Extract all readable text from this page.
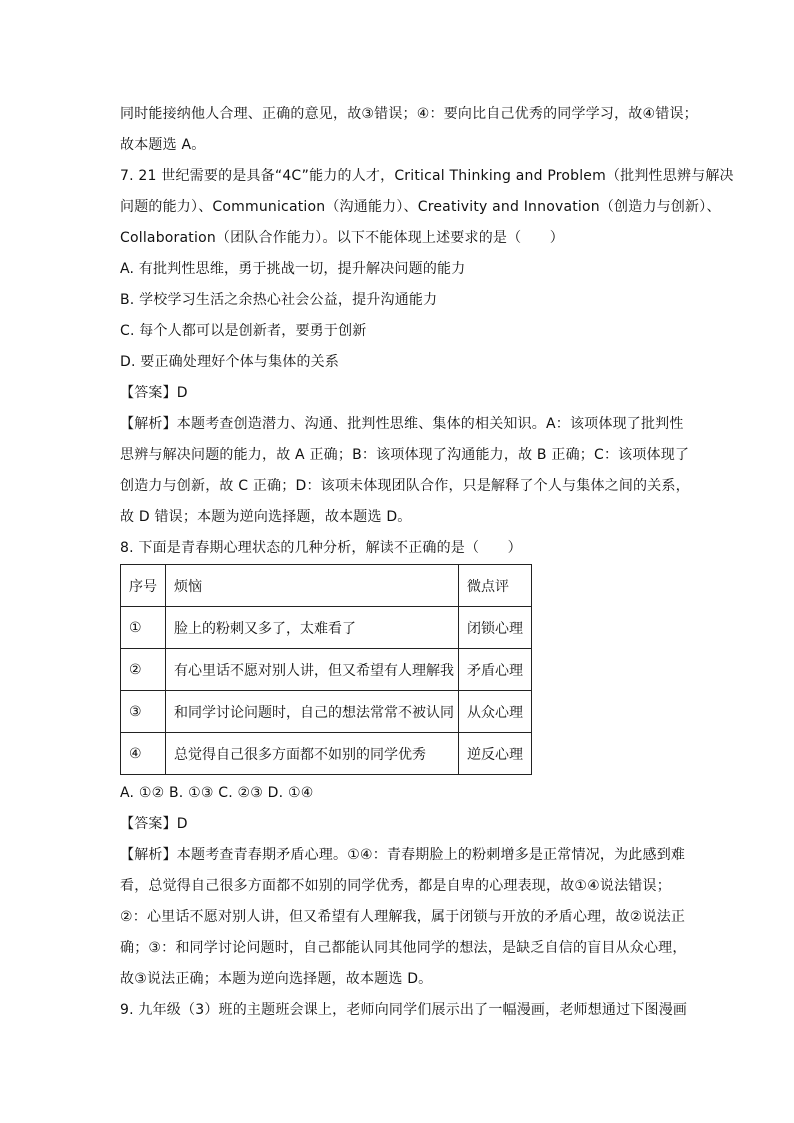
同时能接纳他人合理、正确的意见，故③错误；④：要向比自己优秀的同学学习，故④错误；
故本题选 A。
7. 21 世纪需要的是具备“4C”能力的人才，Critical Thinking and Problem（批判性思辨与解决
问题的能力）、Communication（沟通能力）、Creativity and Innovation（创造力与创新）、
Collaboration（团队合作能力）。以下不能体现上述要求的是（　　）
A. 有批判性思维，勇于挑战一切，提升解决问题的能力
B. 学校学习生活之余热心社会公益，提升沟通能力
C. 每个人都可以是创新者，要勇于创新
D. 要正确处理好个体与集体的关系
【答案】D
【解析】本题考查创造潜力、沟通、批判性思维、集体的相关知识。A：该项体现了批判性
思辨与解决问题的能力，故 A 正确；B：该项体现了沟通能力，故 B 正确；C：该项体现了
创造力与创新，故 C 正确；D：该项未体现团队合作，只是解释了个人与集体之间的关系，
故 D 错误；本题为逆向选择题，故本题选 D。
8. 下面是青春期心理状态的几种分析，解读不正确的是（　　）
序号	烦恼	微点评
①	脸上的粉刺又多了，太难看了	闭锁心理
②	有心里话不愿对别人讲，但又希望有人理解我	矛盾心理
③	和同学讨论问题时，自己的想法常常不被认同	从众心理
④	总觉得自己很多方面都不如别的同学优秀	逆反心理
A. ①② B. ①③ C. ②③ D. ①④
【答案】D
【解析】本题考查青春期矛盾心理。①④：青春期脸上的粉刺增多是正常情况，为此感到难
看，总觉得自己很多方面都不如别的同学优秀，都是自卑的心理表现，故①④说法错误；
②：心里话不愿对别人讲，但又希望有人理解我，属于闭锁与开放的矛盾心理，故②说法正
确；③：和同学讨论问题时，自己都能认同其他同学的想法，是缺乏自信的盲目从众心理，
故③说法正确；本题为逆向选择题，故本题选 D。
9. 九年级（3）班的主题班会课上，老师向同学们展示出了一幅漫画，老师想通过下图漫画
